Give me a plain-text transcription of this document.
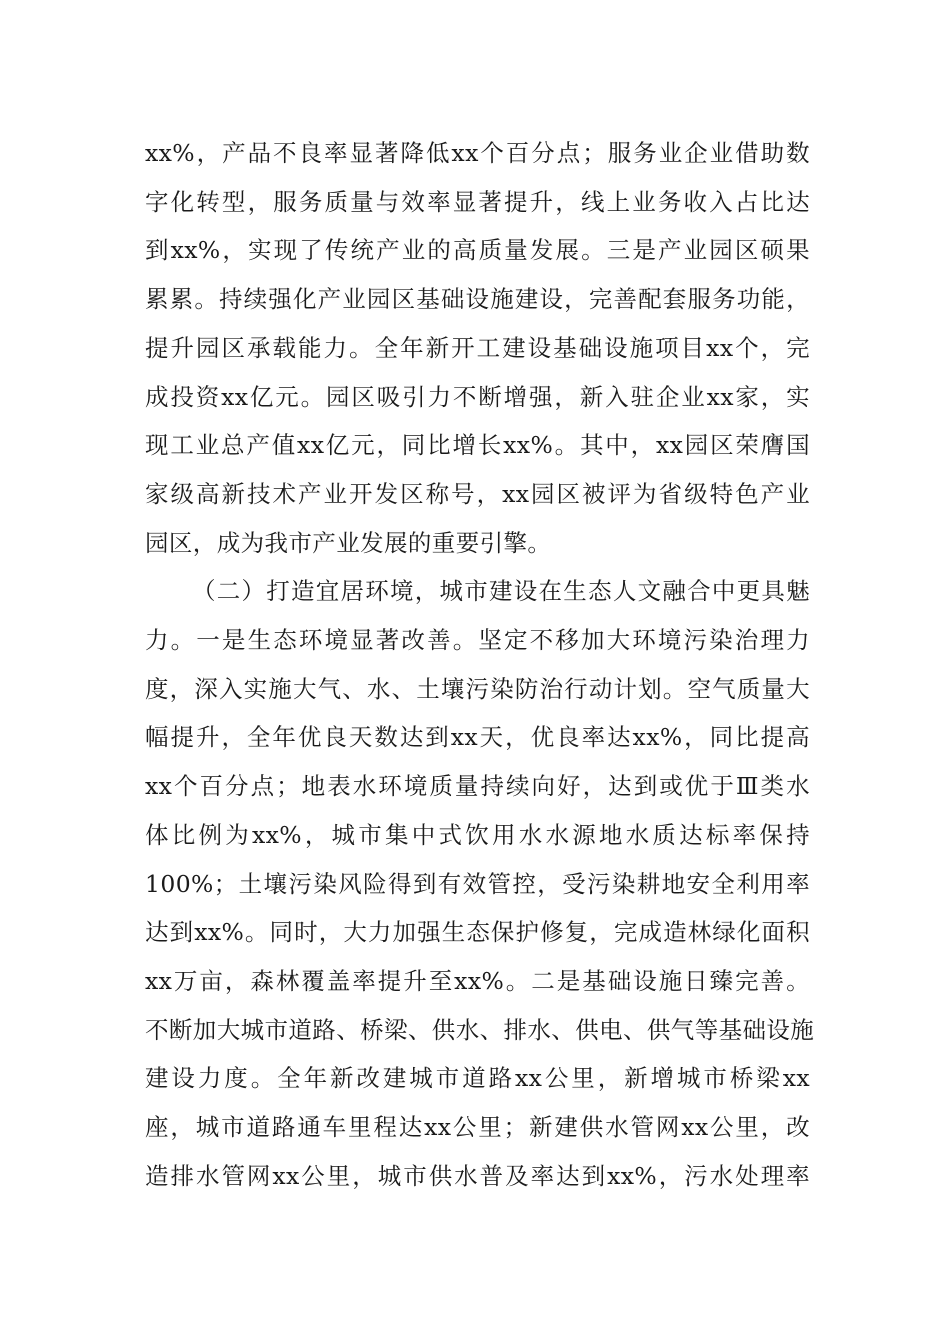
xx%，产品不良率显著降低xx个百分点；服务业企业借助数
字化转型，服务质量与效率显著提升，线上业务收入占比达
到xx%，实现了传统产业的高质量发展。三是产业园区硕果
累累。持续强化产业园区基础设施建设，完善配套服务功能，
提升园区承载能力。全年新开工建设基础设施项目xx个，完
成投资xx亿元。园区吸引力不断增强，新入驻企业xx家，实
现工业总产值xx亿元，同比增长xx%。其中，xx园区荣膺国
家级高新技术产业开发区称号，xx园区被评为省级特色产业
园区，成为我市产业发展的重要引擎。
（二）打造宜居环境，城市建设在生态人文融合中更具魅
力。一是生态环境显著改善。坚定不移加大环境污染治理力
度，深入实施大气、水、土壤污染防治行动计划。空气质量大
幅提升，全年优良天数达到xx天，优良率达xx%，同比提高
xx个百分点；地表水环境质量持续向好，达到或优于Ⅲ类水
体比例为xx%，城市集中式饮用水水源地水质达标率保持
100%；土壤污染风险得到有效管控，受污染耕地安全利用率
达到xx%。同时，大力加强生态保护修复，完成造林绿化面积
xx万亩，森林覆盖率提升至xx%。二是基础设施日臻完善。
不断加大城市道路、桥梁、供水、排水、供电、供气等基础设施
建设力度。全年新改建城市道路xx公里，新增城市桥梁xx
座，城市道路通车里程达xx公里；新建供水管网xx公里，改
造排水管网xx公里，城市供水普及率达到xx%，污水处理率
